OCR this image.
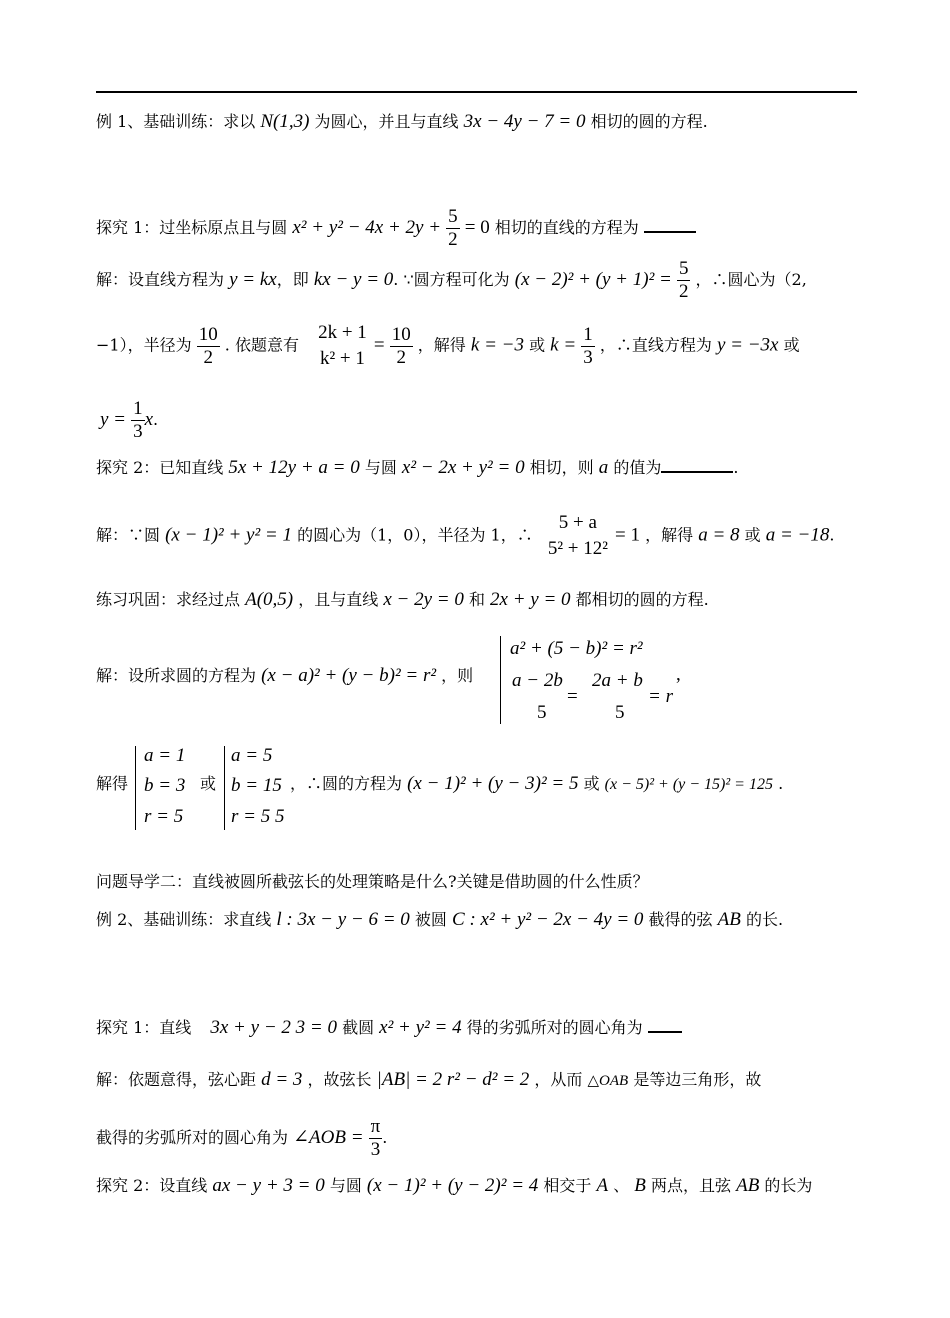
例 1、基础训练：求以 N(1,3) 为圆心，并且与直线 3x − 4y − 7 = 0 相切的圆的方程.
探究 1：过坐标原点且与圆 $x^2 + y^2 - 4x + 2y + \frac{5}{2} = 0$ 相切的直线的方程为
解：设直线方程为 y = kx，即 kx − y = 0. ∵圆方程可化为 $(x - 2)^2 + (y + 1)^2 = \frac{5}{2}$ ，∴圆心为（2,
−1），半径为 $\frac{10}{2}$ . 依题意有
2k + 1
k² + 1
= $\frac{10}{2}$ ，解得 k = −3 或 $k = \frac{1}{3}$ ，∴直线方程为 y = −3x 或
$y = \frac{1}{3} x$.
探究 2：已知直线 5x + 12y + a = 0 与圆 x² − 2x + y² = 0 相切，则 a 的值为	.
解：∵圆 (x − 1)² + y² = 1 的圆心为（1，0），半径为 1，∴
5 + a
5² + 12²
= 1 ，解得 a = 8 或 a = −18.
练习巩固：求经过点 A(0,5) ，且与直线 x − 2y = 0 和 2x + y = 0 都相切的圆的方程.
解：设所求圆的方程为 (x − a)² + (y − b)² = r² ，则
a² + (5 − b)² = r²
a − 2b
=
2a + b
= r
,
5	5
解得
a = 1
b = 3
r = 5
或
a = 5
b = 15
r = 5 5
，∴圆的方程为 (x − 1)² + (y − 3)² = 5 或 (x − 5)² + (y − 15)² = 125 .
问题导学二：直线被圆所截弦长的处理策略是什么?关键是借助圆的什么性质？
例 2、基础训练：求直线 l : 3x − y − 6 = 0 被圆 C : x² + y² − 2x − 4y = 0 截得的弦 AB 的长.
探究 1：直线 3x + y − 2 3 = 0 截圆 x² + y² = 4 得的劣弧所对的圆心角为
解：依题意得，弦心距 d = 3 ，故弦长 |AB| = 2 r² − d² = 2 ，从而 △OAB 是等边三角形，故
截得的劣弧所对的圆心角为 ∠AOB = $\frac{\pi}{3}$ .
探究 2：设直线 ax − y + 3 = 0 与圆 (x − 1)² + (y − 2)² = 4 相交于 A 、 B 两点，且弦 AB 的长为
